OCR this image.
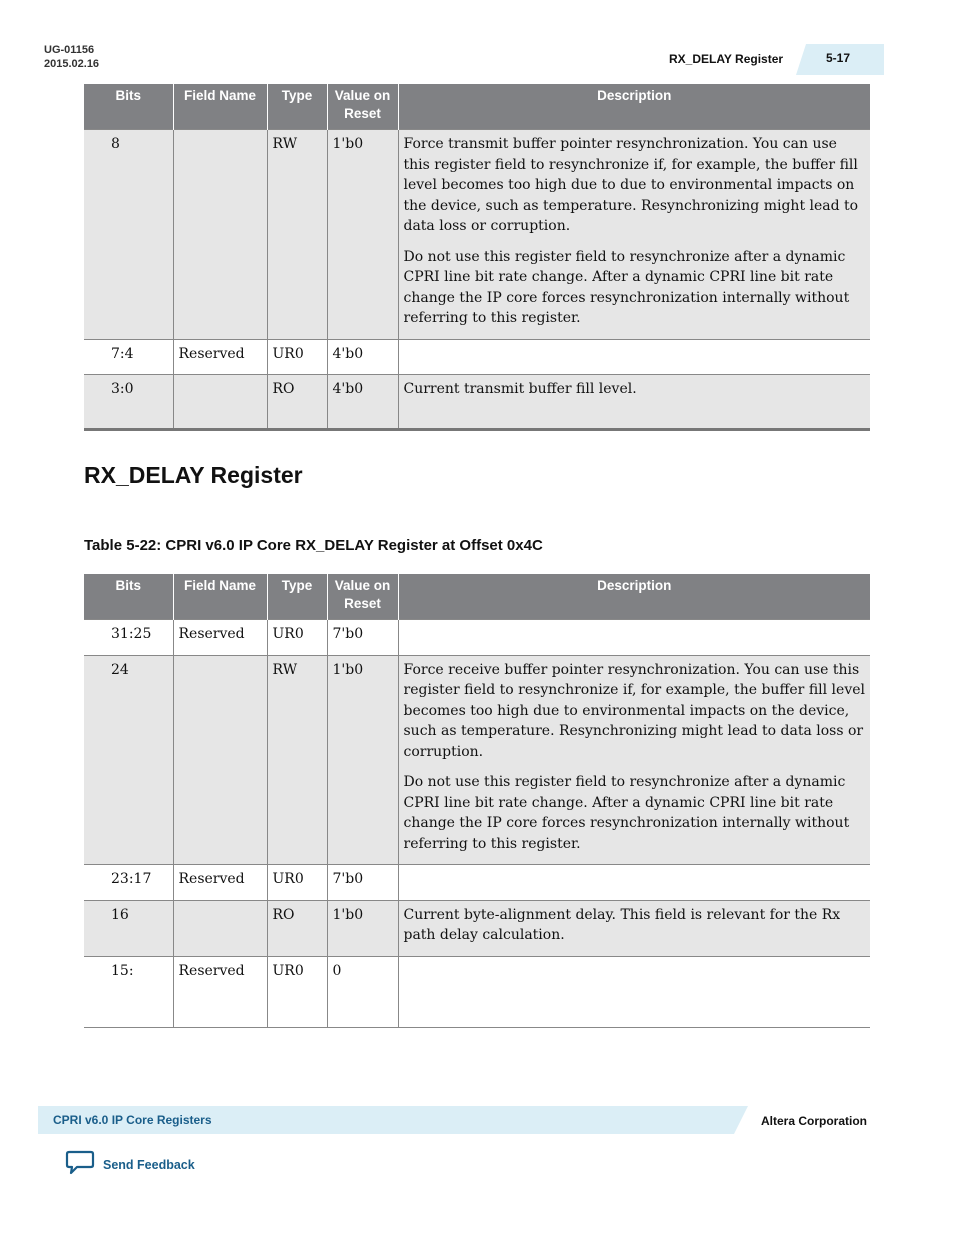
UG-01156
2015.02.16	RX_DELAY Register	5-17
Bits	Field Name	Type	Value on Reset	Description
8		RW	1'b0	Force transmit buffer pointer resynchronization. You can use this register field to resynchronize if, for example, the buffer fill level becomes too high due to due to environmental impacts on the device, such as temperature. Resynchronizing might lead to data loss or corruption.

Do not use this register field to resynchronize after a dynamic CPRI line bit rate change. After a dynamic CPRI line bit rate change the IP core forces resynchronization internally without referring to this register.

7:4	Reserved	UR0	4'b0	
3:0		RO	4'b0	Current transmit buffer fill level.

RX_DELAY Register
Table 5-22: CPRI v6.0 IP Core RX_DELAY Register at Offset 0x4C
Bits	Field Name	Type	Value on Reset	Description
31:25	Reserved	UR0	7'b0	
24		RW	1'b0	Force receive buffer pointer resynchronization. You can use this register field to resynchronize if, for example, the buffer fill level becomes too high due to environmental impacts on the device, such as temperature. Resynchronizing might lead to data loss or corruption.

Do not use this register field to resynchronize after a dynamic CPRI line bit rate change. After a dynamic CPRI line bit rate change the IP core forces resynchronization internally without referring to this register.

23:17	Reserved	UR0	7'b0	
16		RO	1'b0	Current byte-alignment delay. This field is relevant for the Rx path delay calculation.

15:	Reserved	UR0	0	
CPRI v6.0 IP Core Registers	Altera Corporation
Send Feedback
